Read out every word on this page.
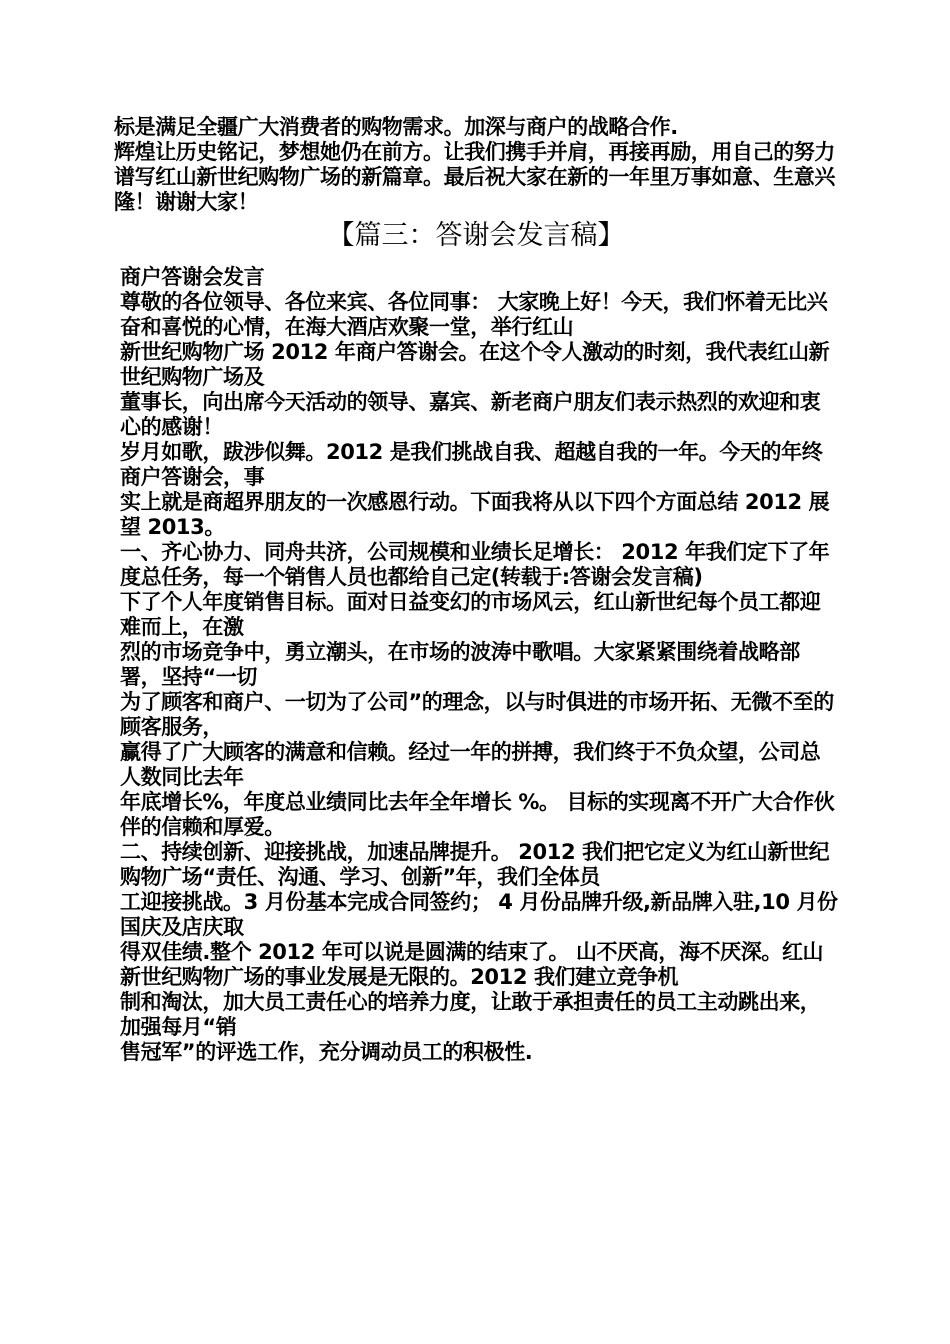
标是满足全疆广大消费者的购物需求。加深与商户的战略合作.

辉煌让历史铭记，梦想她仍在前方。让我们携手并肩，再接再励，用自己的努力谱写红山新世纪购物广场的新篇章。最后祝大家在新的一年里万事如意、生意兴隆！谢谢大家！

【篇三：答谢会发言稿】

商户答谢会发言

尊敬的各位领导、各位来宾、各位同事： 大家晚上好！今天，我们怀着无比兴奋和喜悦的心情，在海大酒店欢聚一堂，举行红山

新世纪购物广场 2012 年商户答谢会。在这个令人激动的时刻，我代表红山新世纪购物广场及

董事长，向出席今天活动的领导、嘉宾、新老商户朋友们表示热烈的欢迎和衷心的感谢！

岁月如歌，跋涉似舞。2012 是我们挑战自我、超越自我的一年。今天的年终商户答谢会，事

实上就是商超界朋友的一次感恩行动。下面我将从以下四个方面总结 2012 展望 2013。

一、齐心协力、同舟共济，公司规模和业绩长足增长： 2012 年我们定下了年度总任务，每一个销售人员也都给自己定(转载于:答谢会发言稿)

下了个人年度销售目标。面对日益变幻的市场风云，红山新世纪每个员工都迎难而上，在激

烈的市场竞争中，勇立潮头，在市场的波涛中歌唱。大家紧紧围绕着战略部署，坚持“一切

为了顾客和商户、一切为了公司”的理念，以与时俱进的市场开拓、无微不至的顾客服务，

赢得了广大顾客的满意和信赖。经过一年的拼搏，我们终于不负众望，公司总人数同比去年

年底增长%，年度总业绩同比去年全年增长 %。 目标的实现离不开广大合作伙伴的信赖和厚爱。

二、持续创新、迎接挑战，加速品牌提升。 2012 我们把它定义为红山新世纪购物广场“责任、沟通、学习、创新”年，我们全体员

工迎接挑战。3 月份基本完成合同签约； 4 月份品牌升级,新品牌入驻,10 月份国庆及店庆取

得双佳绩.整个 2012 年可以说是圆满的结束了。 山不厌高，海不厌深。红山新世纪购物广场的事业发展是无限的。2012 我们建立竞争机

制和淘汰，加大员工责任心的培养力度，让敢于承担责任的员工主动跳出来，加强每月“销

售冠军”的评选工作，充分调动员工的积极性.
